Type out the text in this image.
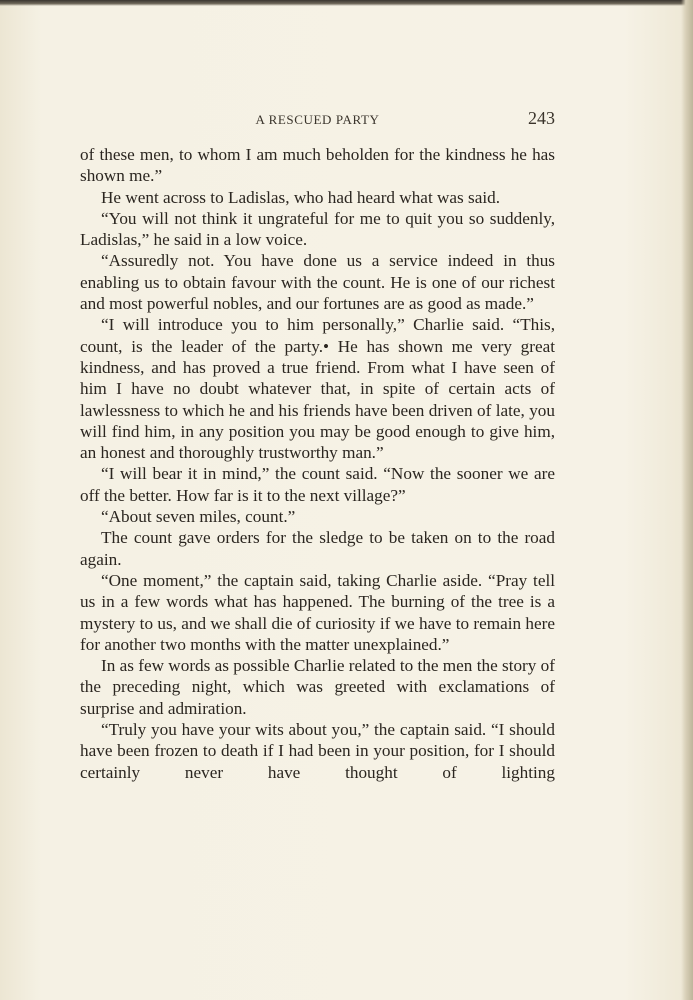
A RESCUED PARTY	243

of these men, to whom I am much beholden for the kindness he has shown me.”

He went across to Ladislas, who had heard what was said.

“You will not think it ungrateful for me to quit you so suddenly, Ladislas,” he said in a low voice.

“Assuredly not. You have done us a service indeed in thus enabling us to obtain favour with the count. He is one of our richest and most powerful nobles, and our fortunes are as good as made.”

“I will introduce you to him personally,” Charlie said. “This, count, is the leader of the party.• He has shown me very great kindness, and has proved a true friend. From what I have seen of him I have no doubt whatever that, in spite of certain acts of lawlessness to which he and his friends have been driven of late, you will find him, in any position you may be good enough to give him, an honest and thoroughly trustworthy man.”

“I will bear it in mind,” the count said. “Now the sooner we are off the better. How far is it to the next village?”

“About seven miles, count.”

The count gave orders for the sledge to be taken on to the road again.

“One moment,” the captain said, taking Charlie aside. “Pray tell us in a few words what has happened. The burning of the tree is a mystery to us, and we shall die of curiosity if we have to remain here for another two months with the matter unexplained.”

In as few words as possible Charlie related to the men the story of the preceding night, which was greeted with exclamations of surprise and admiration.

“Truly you have your wits about you,” the captain said. “I should have been frozen to death if I had been in your position, for I should certainly never have thought of lighting
